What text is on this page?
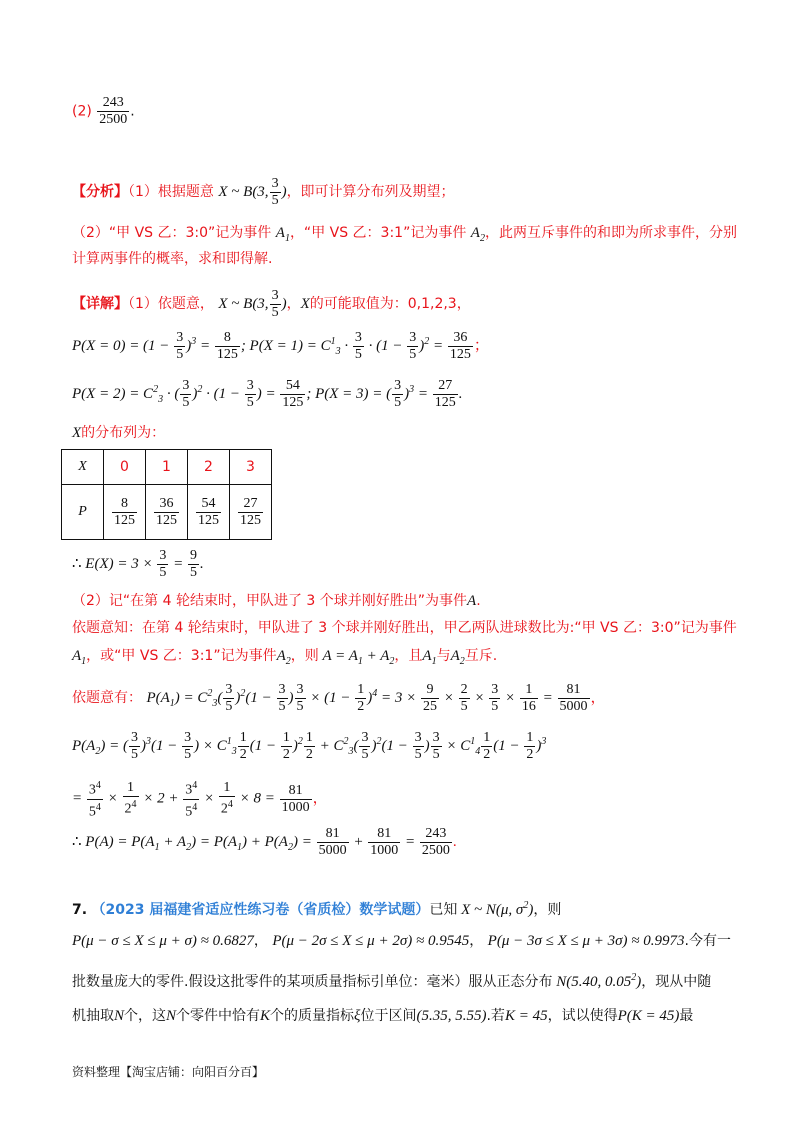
$(2) \frac{243}{2500}$ .
【分析】（1）根据题意 X ~ B(3, $\frac{3}{5}$ )，即可计算分布列及期望；
（2）“甲 VS 乙：3:0”记为事件 $A_1$，“甲 VS 乙：3:1”记为事件 $A_2$，此两互斥事件的和即为所求事件，分别
计算两事件的概率，求和即得解.
【详解】（1）依题意， X ~ B(3, $\frac{3}{5}$ )，X的可能取值为：0,1,2,3，
$P(X = 0) = (1 - \frac{3}{5} )^3 = \frac{8}{125}$ ; $P(X = 1) = C^1_3 \cdot \frac{3}{5} \cdot (1 - \frac{3}{5} )^2 = \frac{36}{125}$ ；
$P(X = 2) = C^2_3$ · ( $\frac{3}{5} )^2 \cdot (1 - \frac{3}{5}$ ) = $\frac{54}{125}$ ; P(X = 3) = ( $\frac{3}{5} )^3 = \frac{27}{125}$ .
X的分布列为：
X	0	1	2	3
P	$\frac{8}{125}$	$\frac{36}{125}$	$\frac{54}{125}$	$\frac{27}{125}$
∴ $E(X) = 3 \times \frac{3}{5} = \frac{9}{5}$ .
（2）记“在第 4 轮结束时，甲队进了 3 个球并刚好胜出”为事件A.
依题意知：在第 4 轮结束时，甲队进了 3 个球并刚好胜出，甲乙两队进球数比为:“甲 VS 乙：3:0”记为事件
$A_1$，或“甲 VS 乙：3:1”记为事件$A_2$，则 $A = A_1 + A_2$，且$A_1$与$A_2$互斥.
依题意有： $P(A_1) = C^2_3( \frac{3}{5} )^2(1 - \frac{3}{5}$ ) $\frac{3}{5} \times (1 - \frac{1}{2} )^4 = 3 \times \frac{9}{25} \times \frac{2}{5} \times \frac{3}{5} \times \frac{1}{16} = \frac{81}{5000}$ ，
$P(A_2)$ = ( $\frac{3}{5} )^3(1 - \frac{3}{5}$ ) × $C^1_3 \frac{1}{2} (1 - \frac{1}{2} )^2 \frac{1}{2} + C^2_3( \frac{3}{5} )^2(1 - \frac{3}{5}$ ) $\frac{3}{5} \times C^1_4 \frac{1}{2} (1 - \frac{1}{2} )^3$
= $\frac{3^4}{5^4} \times \frac{1}{2^4} \times 2 + \frac{3^4}{5^4} \times \frac{1}{2^4} \times 8 = \frac{81}{1000}$ ，
∴ $P(A) = P(A_1 + A_2) = P(A_1) + P(A_2) = \frac{81}{5000} + \frac{81}{1000} = \frac{243}{2500}$ .
7. （2023 届福建省适应性练习卷（省质检）数学试题）已知 X ~ N(μ, $\sigma^2$)，则
P(μ − σ ≤ X ≤ μ + σ) ≈ 0.6827， P(μ − 2σ ≤ X ≤ μ + 2σ) ≈ 0.9545， P(μ − 3σ ≤ X ≤ μ + 3σ) ≈ 0.9973.今有一
批数量庞大的零件.假设这批零件的某项质量指标引单位：毫米）服从正态分布 N(5.40, 0.05$^2$)，现从中随
机抽取N个，这N个零件中恰有K个的质量指标ξ位于区间(5.35, 5.55).若K = 45，试以使得P(K = 45)最
资料整理【淘宝店铺：向阳百分百】
